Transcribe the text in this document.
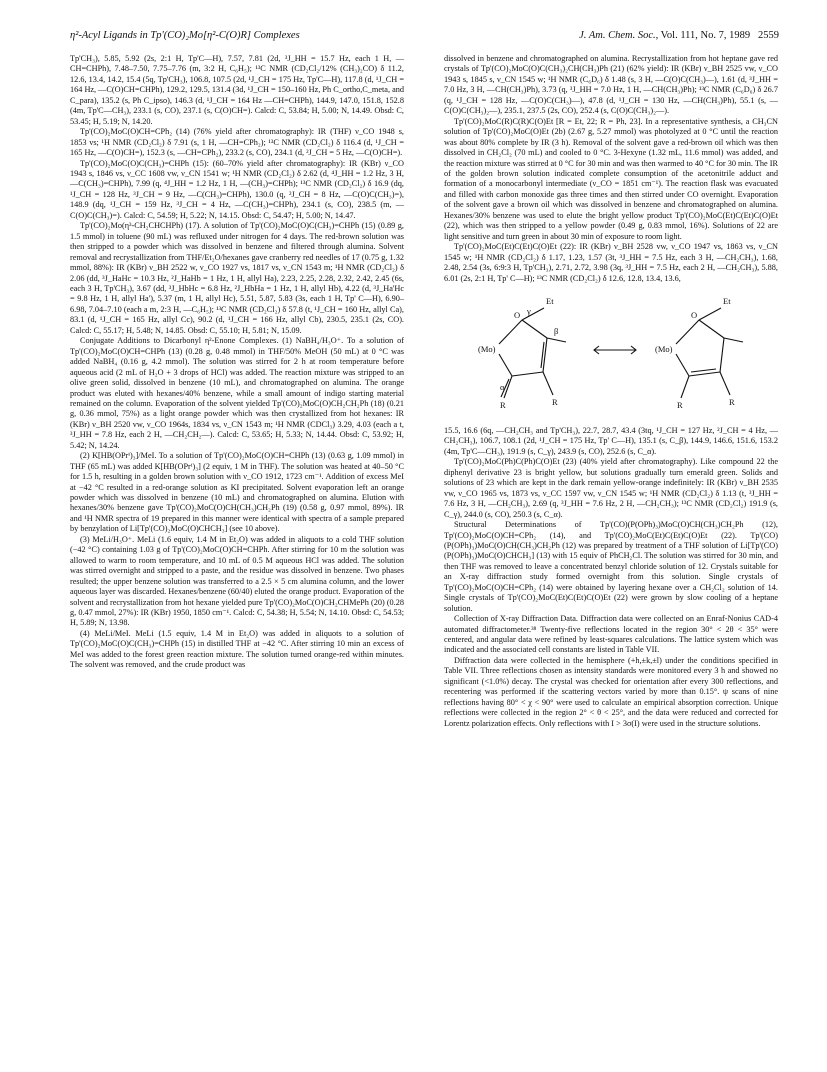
η²-Acyl Ligands in Tp'(CO)₂Mo[η²-C(O)R] Complexes	J. Am. Chem. Soc., Vol. 111, No. 7, 1989 2559

Tp'CH₃), 5.85, 5.92 (2s, 2:1 H, Tp'C—H), 7.57, 7.81 (2d, ³J_HH = 15.7 Hz, each 1 H, —CH=CHPh), 7.48–7.50, 7.75–7.76 (m, 3:2 H, C₆H₅); ¹³C NMR (CD₂Cl₂/12% (CH₃)₂CO) δ 11.2, 12.6, 13.4, 14.2, 15.4 (5q, Tp'CH₃), 106.8, 107.5 (2d, ¹J_CH = 175 Hz, Tp'C—H), 117.8 (d, ¹J_CH = 164 Hz, —C(O)CH=CHPh), 129.2, 129.5, 131.4 (3d, ¹J_CH = 150–160 Hz, Ph C_ortho,C_meta, and C_para), 135.2 (s, Ph C_ipso), 146.3 (d, ¹J_CH = 164 Hz —CH=CHPh), 144.9, 147.0, 151.8, 152.8 (4m, Tp'C—CH₃), 233.1 (s, CO), 237.1 (s, C(O)CH=). Calcd: C, 53.84; H, 5.00; N, 14.49. Obsd: C, 53.45; H, 5.19; N, 14.20.

Tp'(CO)₂MoC(O)CH=CPh₂ (14) (76% yield after chromatography): IR (THF) ν_CO 1948 s, 1853 vs; ¹H NMR (CD₂Cl₂) δ 7.91 (s, 1 H, —CH=CPh₂); ¹³C NMR (CD₂Cl₂) δ 116.4 (d, ¹J_CH = 165 Hz, —C(O)CH=), 152.3 (s, —CH=CPh₂), 233.2 (s, CO), 234.1 (d, ²J_CH = 5 Hz, —C(O)CH=).

Tp'(CO)₂MoC(O)C(CH₃)=CHPh (15): (60–70% yield after chromatography): IR (KBr) ν_CO 1943 s, 1846 vs, ν_CC 1608 vw, ν_CN 1541 w; ¹H NMR (CD₂Cl₂) δ 2.62 (d, ⁴J_HH = 1.2 Hz, 3 H, —C(CH₃)=CHPh), 7.99 (q, ⁴J_HH = 1.2 Hz, 1 H, —(CH₃)=CHPh); ¹³C NMR (CD₂Cl₂) δ 16.9 (dq, ¹J_CH = 128 Hz, ³J_CH = 9 Hz, —C(CH₃)=CHPh), 130.0 (q, ²J_CH = 8 Hz, —C(O)C(CH₃)=), 148.9 (dq, ¹J_CH = 159 Hz, ³J_CH = 4 Hz, —C(CH₃)=CHPh), 234.1 (s, CO), 238.5 (m, —C(O)C(CH₃)=). Calcd: C, 54.59; H, 5.22; N, 14.15. Obsd: C, 54.47; H, 5.00; N, 14.47.

Tp'(CO)₂Mo(η³-CH₂CHCHPh) (17). A solution of Tp'(CO)₂MoC(O)C(CH₃)=CHPh (15) (0.89 g, 1.5 mmol) in toluene (90 mL) was refluxed under nitrogen for 4 days. The red-brown solution was then stripped to a powder which was dissolved in benzene and filtered through alumina. Solvent removal and recrystallization from THF/Et₂O/hexanes gave cranberry red needles of 17 (0.75 g, 1.32 mmol, 88%): IR (KBr) ν_BH 2522 w, ν_CO 1927 vs, 1817 vs, ν_CN 1543 m; ¹H NMR (CD₂Cl₂) δ 2.06 (dd, ³J_HaHc = 10.3 Hz, ²J_HaHb = 1 Hz, 1 H, allyl Ha), 2.23, 2.25, 2.28, 2.32, 2.42, 2.45 (6s, each 3 H, Tp'CH₃), 3.67 (dd, ³J_HbHc = 6.8 Hz, ²J_HbHa = 1 Hz, 1 H, allyl Hb), 4.22 (d, ³J_Ha'Hc = 9.8 Hz, 1 H, allyl Ha'), 5.37 (m, 1 H, allyl Hc), 5.51, 5.87, 5.83 (3s, each 1 H, Tp' C—H), 6.90–6.98, 7.04–7.10 (each a m, 2:3 H, —C₆H₅); ¹³C NMR (CD₂Cl₂) δ 57.8 (t, ¹J_CH = 160 Hz, allyl Ca), 83.1 (d, ¹J_CH = 165 Hz, allyl Cc), 90.2 (d, ¹J_CH = 166 Hz, allyl Cb), 230.5, 235.1 (2s, CO). Calcd: C, 55.17; H, 5.48; N, 14.85. Obsd: C, 55.10; H, 5.81; N, 15.09.

Conjugate Additions to Dicarbonyl η²-Enone Complexes. (1) NaBH₄/H₃O⁺. To a solution of Tp'(CO)₂MoC(O)CH=CHPh (13) (0.28 g, 0.48 mmol) in THF/50% MeOH (50 mL) at 0 °C was added NaBH₄ (0.16 g, 4.2 mmol). The solution was stirred for 2 h at room temperature before aqueous acid (2 mL of H₂O + 3 drops of HCl) was added. The reaction mixture was stripped to an olive green solid, dissolved in benzene (10 mL), and chromatographed on alumina. The orange product was eluted with hexanes/40% benzene, while a small amount of indigo starting material remained on the column. Evaporation of the solvent yielded Tp'(CO)₂MoC(O)CH₂CH₂Ph (18) (0.21 g, 0.36 mmol, 75%) as a light orange powder which was then crystallized from hot hexanes: IR (KBr) ν_BH 2520 vw, ν_CO 1964s, 1834 vs, ν_CN 1543 m; ¹H NMR (CDCl₃) 3.29, 4.03 (each a t, ³J_HH = 7.8 Hz, each 2 H, —CH₂CH₂—). Calcd: C, 53.65; H, 5.33; N, 14.44. Obsd: C, 53.92; H, 5.42; N, 14.24.

(2) K[HB(OPrⁱ)₃]/MeI. To a solution of Tp'(CO)₂MoC(O)CH=CHPh (13) (0.63 g, 1.09 mmol) in THF (65 mL) was added K[HB(OPrⁱ)₃] (2 equiv, 1 M in THF). The solution was heated at 40–50 °C for 1.5 h, resulting in a golden brown solution with ν_CO 1912, 1723 cm⁻¹. Addition of excess MeI at −42 °C resulted in a red-orange solution as KI precipitated. Solvent evaporation left an orange powder which was dissolved in benzene (10 mL) and chromatographed on alumina. Elution with hexanes/30% benzene gave Tp'(CO)₂MoC(O)CH(CH₃)CH₂Ph (19) (0.58 g, 0.97 mmol, 89%). IR and ¹H NMR spectra of 19 prepared in this manner were identical with spectra of a sample prepared by benzylation of Li[Tp'(CO)₂MoC(O)CHCH₃] (see 10 above).

(3) MeLi/H₃O⁺. MeLi (1.6 equiv, 1.4 M in Et₂O) was added in aliquots to a cold THF solution (−42 °C) containing 1.03 g of Tp'(CO)₂MoC(O)CH=CHPh. After stirring for 10 m the solution was allowed to warm to room temperature, and 10 mL of 0.5 M aqueous HCl was added. The solution was stirred overnight and stripped to a paste, and the residue was dissolved in benzene. Two phases resulted; the upper benzene solution was transferred to a 2.5 × 5 cm alumina column, and the lower aqueous layer was discarded. Hexanes/benzene (60/40) eluted the orange product. Evaporation of the solvent and recrystallization from hot hexane yielded pure Tp'(CO)₂MoC(O)CH₂CHMePh (20) (0.28 g, 0.47 mmol, 27%): IR (KBr) 1950, 1850 cm⁻¹. Calcd: C, 54.38; H, 5.54; N, 14.10. Obsd: C, 54.53; H, 5.89; N, 13.98.

(4) MeLi/MeI. MeLi (1.5 equiv, 1.4 M in Et₂O) was added in aliquots to a solution of Tp'(CO)₂MoC(O)C(CH₃)=CHPh (15) in distilled THF at −42 °C. After stirring 10 min an excess of MeI was added to the forest green reaction mixture. The solution turned orange-red within minutes. The solvent was removed, and the crude product was

dissolved in benzene and chromatographed on alumina. Recrystallization from hot heptane gave red crystals of Tp'(CO)₂MoC(O)C(CH₃)₂CH(CH₃)Ph (21) (62% yield): IR (KBr) ν_BH 2525 vw, ν_CO 1943 s, 1845 s, ν_CN 1545 w; ¹H NMR (C₆D₆) δ 1.48 (s, 3 H, —C(O)C(CH₃)—), 1.61 (d, ³J_HH = 7.0 Hz, 3 H, —CH(CH₃)Ph), 3.73 (q, ³J_HH = 7.0 Hz, 1 H, —CH(CH₃)Ph); ¹³C NMR (C₆D₆) δ 26.7 (q, ¹J_CH = 128 Hz, —C(O)C(CH₃)—), 47.8 (d, ¹J_CH = 130 Hz, —CH(CH₃)Ph), 55.1 (s, —C(O)C(CH₃)₂—), 235.1, 237.5 (2s, CO), 252.4 (s, C(O)C(CH₃)₂—).

Tp'(CO)₂MoC(R)C(R)C(O)Et [R = Et, 22; R = Ph, 23]. In a representative synthesis, a CH₃CN solution of Tp'(CO)₂MoC(O)Et (2b) (2.67 g, 5.27 mmol) was photolyzed at 0 °C until the reaction was about 80% complete by IR (3 h). Removal of the solvent gave a red-brown oil which was then dissolved in CH₂Cl₂ (70 mL) and cooled to 0 °C. 3-Hexyne (1.32 mL, 11.6 mmol) was added, and the reaction mixture was stirred at 0 °C for 30 min and was then warmed to 40 °C for 30 min. The IR of the golden brown solution indicated complete consumption of the acetonitrile adduct and formation of a monocarbonyl intermediate (ν_CO = 1851 cm⁻¹). The reaction flask was evacuated and filled with carbon monoxide gas three times and then stirred under CO overnight. Evaporation of the solvent gave a brown oil which was dissolved in benzene and chromatographed on alumina. Hexanes/30% benzene was used to elute the bright yellow product Tp'(CO)₂MoC(Et)C(Et)C(O)Et (22), which was then stripped to a yellow powder (0.49 g, 0.83 mmol, 16%). Solutions of 22 are light sensitive and turn green in about 30 min of exposure to room light.

Tp'(CO)₂MoC(Et)C(Et)C(O)Et (22): IR (KBr) ν_BH 2528 vw, ν_CO 1947 vs, 1863 vs, ν_CN 1545 w; ¹H NMR (CD₂Cl₂) δ 1.17, 1.23, 1.57 (3t, ³J_HH = 7.5 Hz, each 3 H, —CH₂CH₃), 1.68, 2.48, 2.54 (3s, 6:9:3 H, Tp'CH₃), 2.71, 2.72, 3.98 (3q, ³J_HH = 7.5 Hz, each 2 H, —CH₂CH₃), 5.88, 6.01 (2s, 2:1 H, Tp' C—H); ¹³C NMR (CD₂Cl₂) δ 12.6, 12.8, 13.4, 13.6,

(Mo)
O γ
Et
β
α
R	R
(Mo)
O
Et
R	R

15.5, 16.6 (6q, —CH₂CH₃ and Tp'CH₃), 22.7, 28.7, 43.4 (3tq, ¹J_CH = 127 Hz, ²J_CH = 4 Hz, —CH₂CH₃), 106.7, 108.1 (2d, ¹J_CH = 175 Hz, Tp' C—H), 135.1 (s, C_β), 144.9, 146.6, 151.6, 153.2 (4m, Tp'C—CH₃), 191.9 (s, C_γ), 243.9 (s, CO), 252.6 (s, C_α).

Tp'(CO)₂MoC(Ph)C(Ph)C(O)Et (23) (40% yield after chromatography). Like compound 22 the diphenyl derivative 23 is bright yellow, but solutions gradually turn emerald green. Solids and solutions of 23 which are kept in the dark remain yellow-orange indefinitely: IR (KBr) ν_BH 2535 vw, ν_CO 1965 vs, 1873 vs, ν_CC 1597 vw, ν_CN 1545 w; ¹H NMR (CD₂Cl₂) δ 1.13 (t, ³J_HH = 7.6 Hz, 3 H, —CH₂CH₃), 2.69 (q, ³J_HH = 7.6 Hz, 2 H, —CH₂CH₃); ¹³C NMR (CD₂Cl₂) 191.9 (s, C_γ), 244.0 (s, CO), 250.3 (s, C_α).

Structural Determinations of Tp'(CO)(P(OPh)₃)MoC(O)CH(CH₃)CH₂Ph (12), Tp'(CO)₂MoC(O)CH=CPh₂ (14), and Tp'(CO)₂MoC(Et)C(Et)C(O)Et (22). Tp'(CO)(P(OPh)₃)MoC(O)CH(CH₃)CH₂Ph (12) was prepared by treatment of a THF solution of Li[Tp'(CO)(P(OPh)₃)MoC(O)CHCH₃] (13) with 15 equiv of PhCH₂Cl. The solution was stirred for 30 min, and then THF was removed to leave a concentrated benzyl chloride solution of 12. Crystals suitable for an X-ray diffraction study formed overnight from this solution. Single crystals of Tp'(CO)₂MoC(O)CH=CPh₂ (14) were obtained by layering hexane over a CH₂Cl₂ solution of 14. Single crystals of Tp'(CO)₂MoC(Et)C(Et)C(O)Et (22) were grown by slow cooling of a heptane solution.

Collection of X-ray Diffraction Data. Diffraction data were collected on an Enraf-Nonius CAD-4 automated diffractometer.³⁸ Twenty-five reflections located in the region 30° < 2θ < 35° were centered, and angular data were refined by least-squares calculations. The lattice system which was indicated and the associated cell constants are listed in Table VII.

Diffraction data were collected in the hemisphere (+h,±k,±l) under the conditions specified in Table VII. Three reflections chosen as intensity standards were monitored every 3 h and showed no significant (<1.0%) decay. The crystal was checked for orientation after every 300 reflections, and recentering was performed if the scattering vectors varied by more than 0.15°. ψ scans of nine reflections having 80° < χ < 90° were used to calculate an empirical absorption correction. Unique reflections were collected in the region 2° < θ < 25°, and the data were reduced and corrected for Lorentz polarization effects. Only reflections with I > 3σ(I) were used in the structure solutions.
